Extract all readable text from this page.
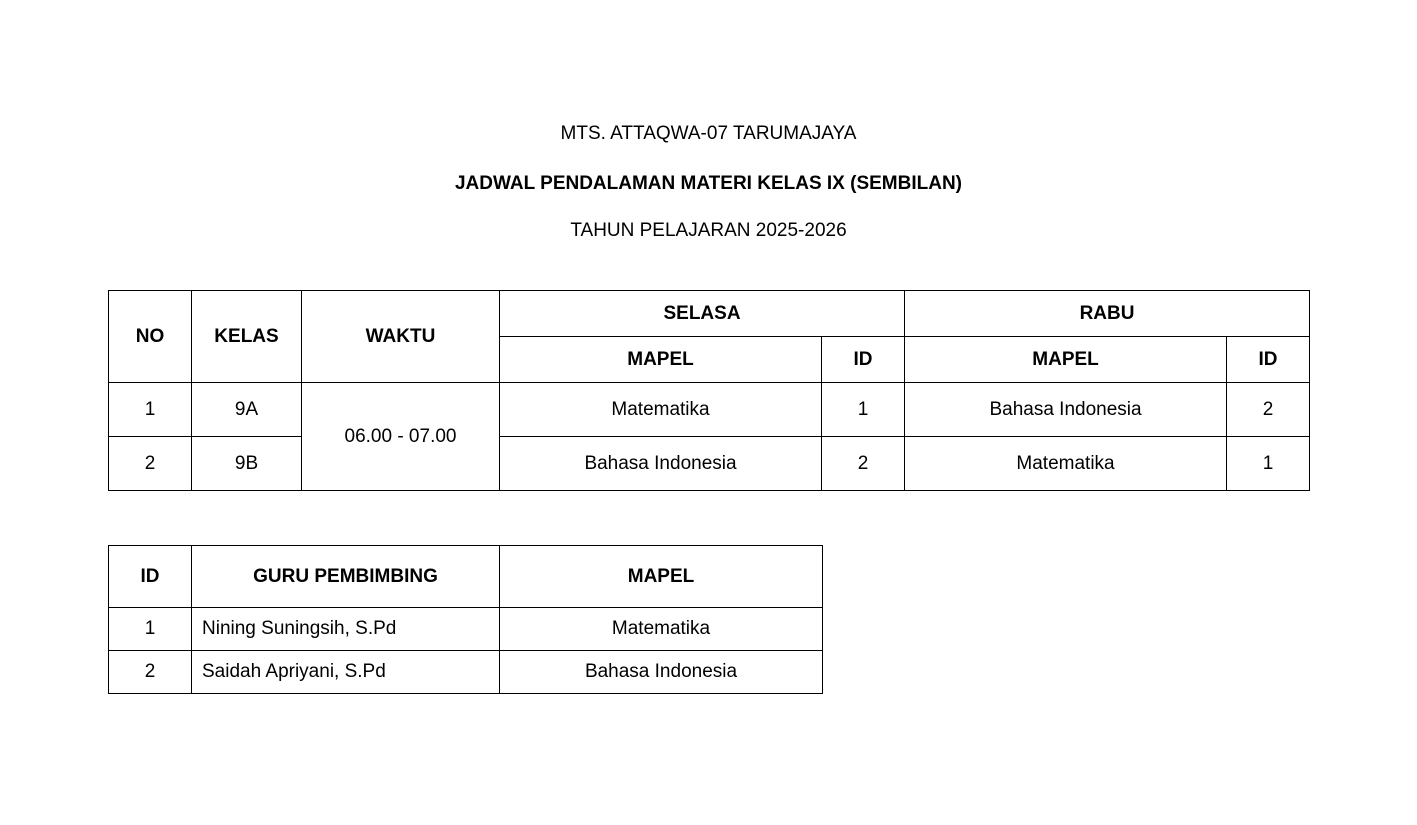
MTS. ATTAQWA-07 TARUMAJAYA
JADWAL PENDALAMAN MATERI KELAS IX (SEMBILAN)
TAHUN PELAJARAN 2025-2026
NO	KELAS	WAKTU	SELASA		RABU	
			MAPEL	ID	MAPEL	ID
1	9A	06.00 - 07.00	Matematika	1	Bahasa Indonesia	2
2	9B		Bahasa Indonesia	2	Matematika	1
ID	GURU PEMBIMBING	MAPEL
1	Nining Suningsih, S.Pd	Matematika
2	Saidah Apriyani, S.Pd	Bahasa Indonesia
